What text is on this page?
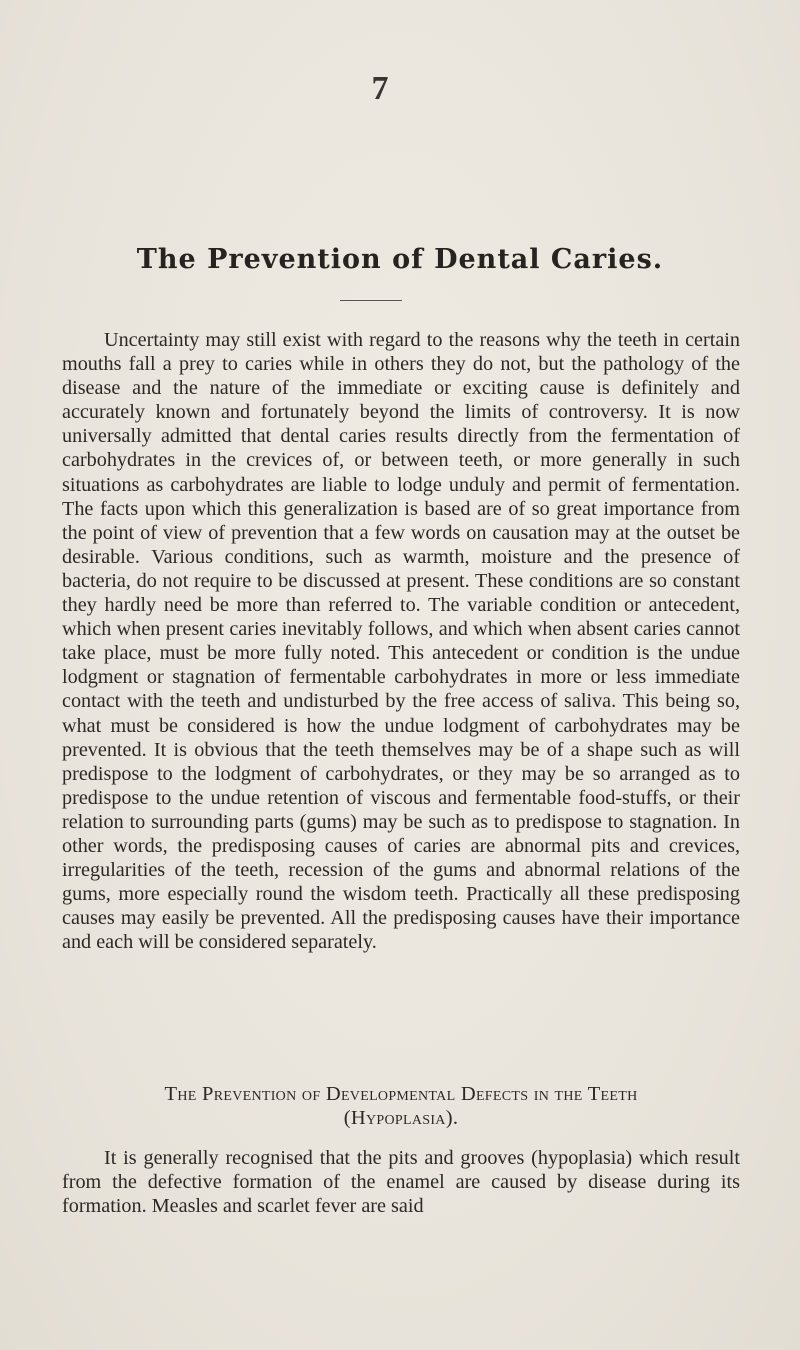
7
The Prevention of Dental Caries.

Uncertainty may still exist with regard to the reasons why the teeth in certain mouths fall a prey to caries while in others they do not, but the pathology of the disease and the nature of the immediate or exciting cause is definitely and accurately known and fortunately beyond the limits of controversy. It is now universally admitted that dental caries results directly from the fermentation of carbohydrates in the crevices of, or between teeth, or more generally in such situations as carbohydrates are liable to lodge unduly and permit of fermentation. The facts upon which this generalization is based are of so great importance from the point of view of prevention that a few words on causation may at the outset be desirable. Various conditions, such as warmth, moisture and the presence of bacteria, do not require to be discussed at present. These conditions are so constant they hardly need be more than referred to. The variable condition or antecedent, which when present caries inevitably follows, and which when absent caries cannot take place, must be more fully noted. This antecedent or condition is the undue lodgment or stagnation of fermentable carbohydrates in more or less immediate contact with the teeth and undisturbed by the free access of saliva. This being so, what must be considered is how the undue lodgment of carbohydrates may be prevented. It is obvious that the teeth themselves may be of a shape such as will predispose to the lodgment of carbohydrates, or they may be so arranged as to predispose to the undue retention of viscous and fermentable food-stuffs, or their relation to surrounding parts (gums) may be such as to predispose to stagnation. In other words, the predisposing causes of caries are abnormal pits and crevices, irregularities of the teeth, recession of the gums and abnormal relations of the gums, more especially round the wisdom teeth. Practically all these predisposing causes may easily be prevented. All the predisposing causes have their importance and each will be considered separately.

The Prevention of Developmental Defects in the Teeth
(Hypoplasia).

It is generally recognised that the pits and grooves (hypoplasia) which result from the defective formation of the enamel are caused by disease during its formation. Measles and scarlet fever are said
